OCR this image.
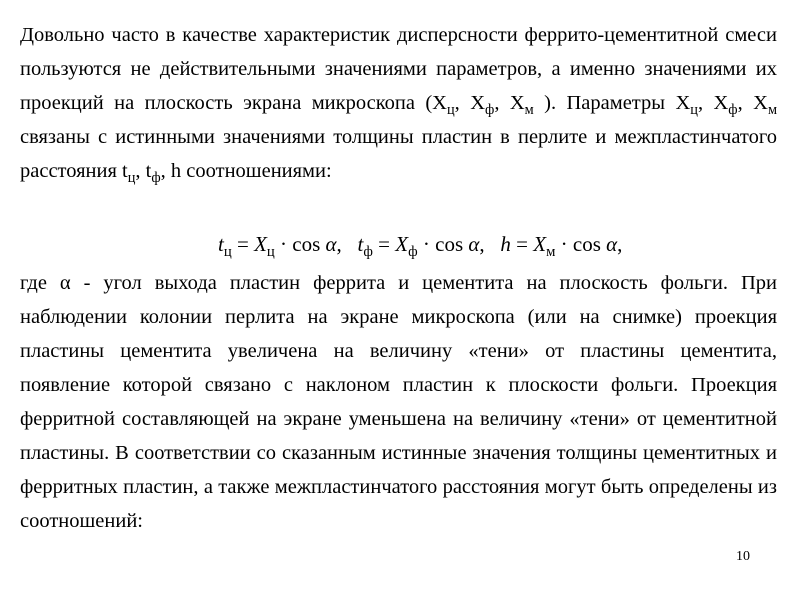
Довольно часто в качестве характеристик дисперсности феррито-цементитной смеси пользуются не действительными значениями параметров, а именно значениями их проекций на плоскость экрана микроскопа ($X_ц$, $X_ф$, $X_м$ ). Параметры $X_ц$, $X_ф$, $X_м$ связаны с истинными значениями толщины пластин в перлите и межпластинчатого расстояния $t_ц$, $t_ф$, h соотношениями:

$t_ц = X_ц \cdot \cos \alpha$, $t_ф = X_ф \cdot \cos \alpha$, $h = X_м \cdot \cos \alpha$,

где α - угол выхода пластин феррита и цементита на плоскость фольги. При наблюдении колонии перлита на экране микроскопа (или на снимке) проекция пластины цементита увеличена на величину «тени» от пластины цементита, появление которой связано с наклоном пластин к плоскости фольги. Проекция ферритной составляющей на экране уменьшена на величину «тени» от цементитной пластины. В соответствии со сказанным истинные значения толщины цементитных и ферритных пластин, а также межпластинчатого расстояния могут быть определены из соотношений:

10
